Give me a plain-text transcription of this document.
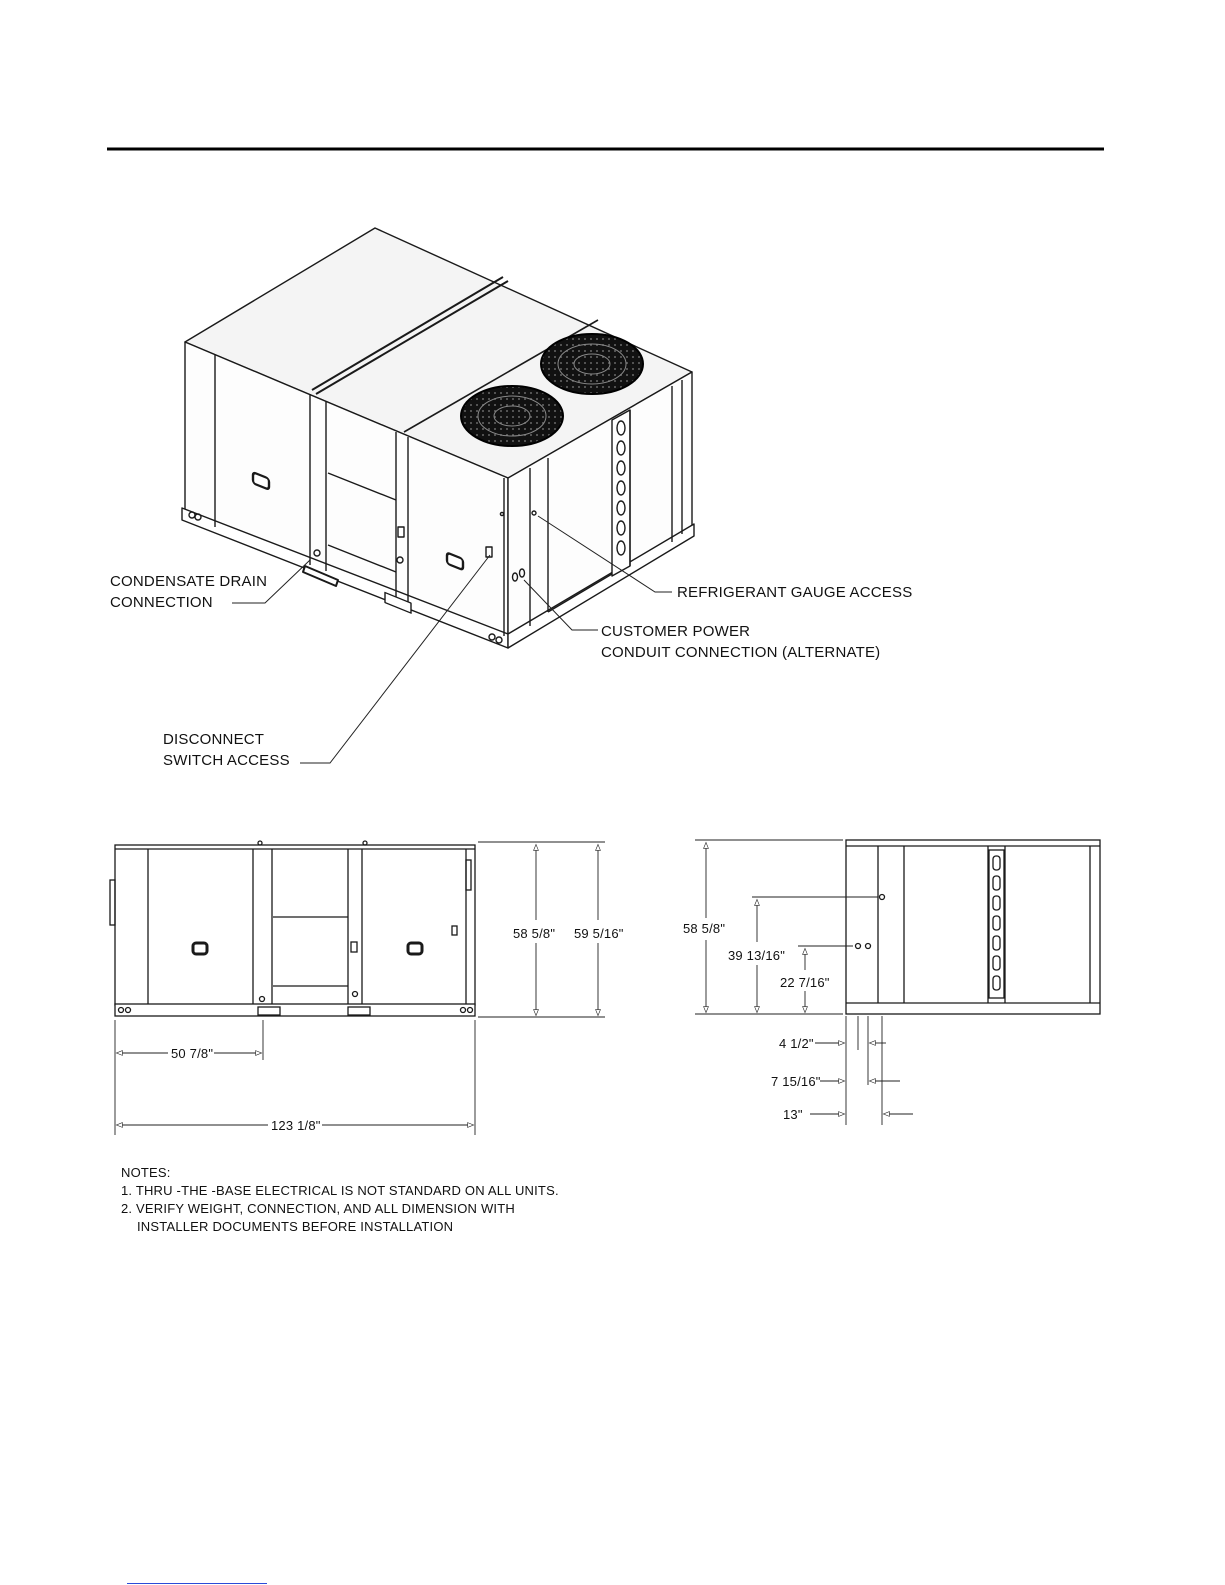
CONDENSATE DRAIN
CONNECTION
REFRIGERANT GAUGE ACCESS
CUSTOMER POWER
CONDUIT CONNECTION (ALTERNATE)
DISCONNECT
SWITCH ACCESS
58 5/8" 59 5/16"
50 7/8"
123 1/8"
58 5/8"
39 13/16"
22 7/16"
4 1/2"
7 15/16"
13"
NOTES:
1. THRU -THE -BASE ELECTRICAL IS NOT STANDARD ON ALL UNITS.
2. VERIFY WEIGHT, CONNECTION, AND ALL DIMENSION WITH
INSTALLER DOCUMENTS BEFORE INSTALLATION
